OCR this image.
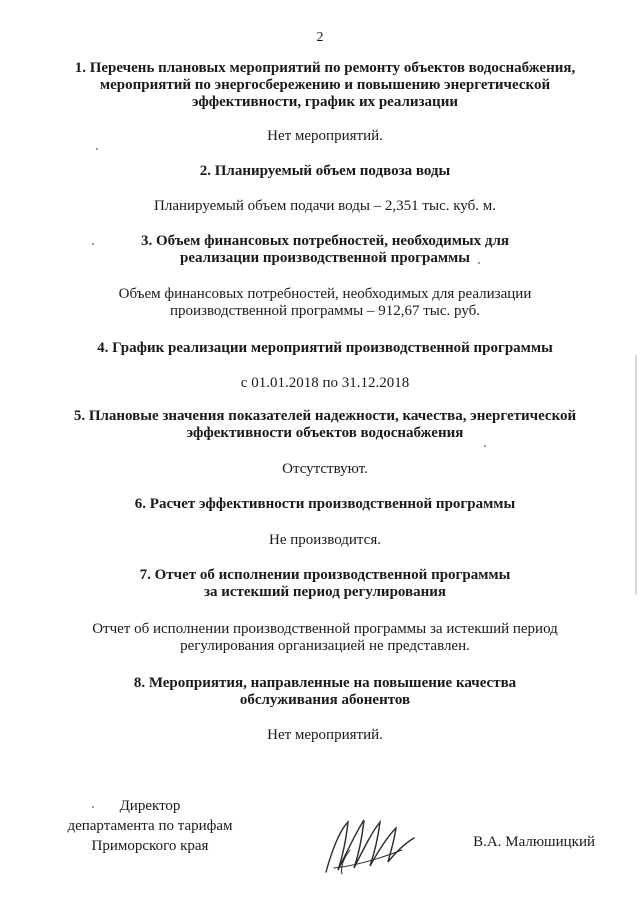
2
1. Перечень плановых мероприятий по ремонту объектов водоснабжения,
мероприятий по энергосбережению и повышению энергетической
эффективности, график их реализации
Нет мероприятий.
2. Планируемый объем подвоза воды
Планируемый объем подачи воды – 2,351 тыс. куб. м.
3. Объем финансовых потребностей, необходимых для
реализации производственной программы
Объем финансовых потребностей, необходимых для реализации
производственной программы – 912,67 тыс. руб.
4. График реализации мероприятий производственной программы
с 01.01.2018 по 31.12.2018
5. Плановые значения показателей надежности, качества, энергетической
эффективности объектов водоснабжения
Отсутствуют.
6. Расчет эффективности производственной программы
Не производится.
7. Отчет об исполнении производственной программы
за истекший период регулирования
Отчет об исполнении производственной программы за истекший период
регулирования организацией не представлен.
8. Мероприятия, направленные на повышение качества
обслуживания абонентов
Нет мероприятий.
Директор
департамента по тарифам
Приморского края	В.А. Малюшицкий
